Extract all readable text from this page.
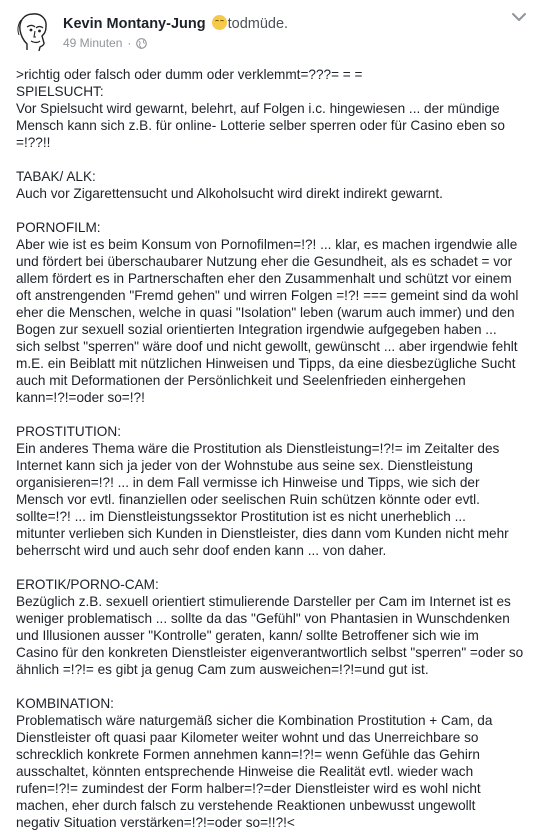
Kevin Montany-Jung todmüde.
49 Minuten ·
>richtig oder falsch oder dumm oder verklemmt=???= = =
SPIELSUCHT:
Vor Spielsucht wird gewarnt, belehrt, auf Folgen i.c. hingewiesen ... der mündige
Mensch kann sich z.B. für online- Lotterie selber sperren oder für Casino eben so
=!??!!
TABAK/ ALK:
Auch vor Zigarettensucht und Alkoholsucht wird direkt indirekt gewarnt.
PORNOFILM:
Aber wie ist es beim Konsum von Pornofilmen=!?! ... klar, es machen irgendwie alle
und fördert bei überschaubarer Nutzung eher die Gesundheit, als es schadet = vor
allem fördert es in Partnerschaften eher den Zusammenhalt und schützt vor einem
oft anstrengenden "Fremd gehen" und wirren Folgen =!?! === gemeint sind da wohl
eher die Menschen, welche in quasi "Isolation" leben (warum auch immer) und den
Bogen zur sexuell sozial orientierten Integration irgendwie aufgegeben haben ...
sich selbst "sperren" wäre doof und nicht gewollt, gewünscht ... aber irgendwie fehlt
m.E. ein Beiblatt mit nützlichen Hinweisen und Tipps, da eine diesbezügliche Sucht
auch mit Deformationen der Persönlichkeit und Seelenfrieden einhergehen
kann=!?!=oder so=!?!
PROSTITUTION:
Ein anderes Thema wäre die Prostitution als Dienstleistung=!?!= im Zeitalter des
Internet kann sich ja jeder von der Wohnstube aus seine sex. Dienstleistung
organisieren=!?! ... in dem Fall vermisse ich Hinweise und Tipps, wie sich der
Mensch vor evtl. finanziellen oder seelischen Ruin schützen könnte oder evtl.
sollte=!?! ... im Dienstleistungssektor Prostitution ist es nicht unerheblich ...
mitunter verlieben sich Kunden in Dienstleister, dies dann vom Kunden nicht mehr
beherrscht wird und auch sehr doof enden kann ... von daher.
EROTIK/PORNO-CAM:
Bezüglich z.B. sexuell orientiert stimulierende Darsteller per Cam im Internet ist es
weniger problematisch ... sollte da das "Gefühl" von Phantasien in Wunschdenken
und Illusionen ausser "Kontrolle" geraten, kann/ sollte Betroffener sich wie im
Casino für den konkreten Dienstleister eigenverantwortlich selbst "sperren" =oder so
ähnlich =!?!= es gibt ja genug Cam zum ausweichen=!?!=und gut ist.
KOMBINATION:
Problematisch wäre naturgemäß sicher die Kombination Prostitution + Cam, da
Dienstleister oft quasi paar Kilometer weiter wohnt und das Unerreichbare so
schrecklich konkrete Formen annehmen kann=!?!= wenn Gefühle das Gehirn
ausschaltet, könnten entsprechende Hinweise die Realität evtl. wieder wach
rufen=!?!= zumindest der Form halber=!?=der Dienstleister wird es wohl nicht
machen, eher durch falsch zu verstehende Reaktionen unbewusst ungewollt
negativ Situation verstärken=!?!=oder so=!!?!<
